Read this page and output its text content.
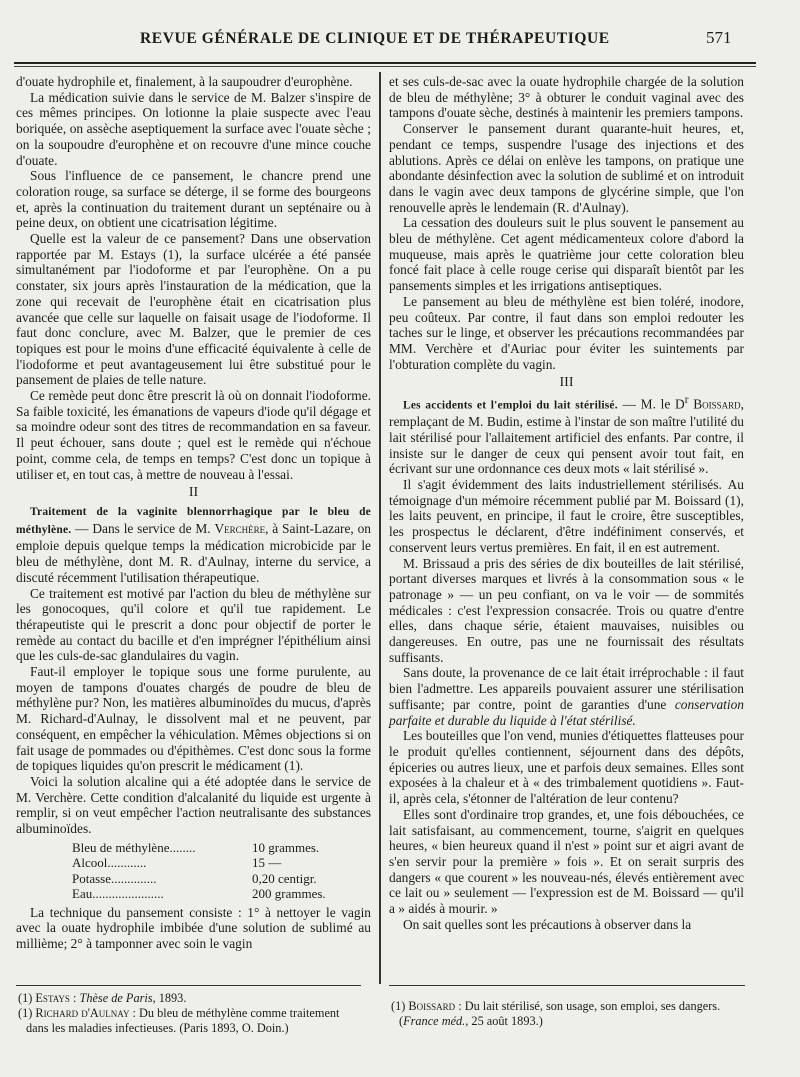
REVUE GÉNÉRALE DE CLINIQUE ET DE THÉRAPEUTIQUE	571

d'ouate hydrophile et, finalement, à la saupoudrer d'europhène.

La médication suivie dans le service de M. Balzer s'inspire de ces mêmes principes. On lotionne la plaie suspecte avec l'eau boriquée, on assèche aseptiquement la surface avec l'ouate sèche ; on la soupoudre d'europhène et on recouvre d'une mince couche d'ouate.

Sous l'influence de ce pansement, le chancre prend une coloration rouge, sa surface se déterge, il se forme des bourgeons et, après la continuation du traitement durant un septénaire ou à peine deux, on obtient une cicatrisation légitime.

Quelle est la valeur de ce pansement? Dans une observation rapportée par M. Estays (1), la surface ulcérée a été pansée simultanément par l'iodoforme et par l'europhène. On a pu constater, six jours après l'instauration de la médication, que la zone qui recevait de l'europhène était en cicatrisation plus avancée que celle sur laquelle on faisait usage de l'iodoforme. Il faut donc conclure, avec M. Balzer, que le premier de ces topiques est pour le moins d'une efficacité équivalente à celle de l'iodoforme et peut avantageusement lui être substitué pour le pansement de plaies de telle nature.

Ce remède peut donc être prescrit là où on donnait l'iodoforme. Sa faible toxicité, les émanations de vapeurs d'iode qu'il dégage et sa moindre odeur sont des titres de recommandation en sa faveur. Il peut échouer, sans doute ; quel est le remède qui n'échoue point, comme cela, de temps en temps? C'est donc un topique à utiliser et, en tout cas, à mettre de nouveau à l'essai.

II

Traitement de la vaginite blennorrhagique par le bleu de méthylène. — Dans le service de M. Verchère, à Saint-Lazare, on emploie depuis quelque temps la médication microbicide par le bleu de méthylène, dont M. R. d'Aulnay, interne du service, a discuté récemment l'utilisation thérapeutique.

Ce traitement est motivé par l'action du bleu de méthylène sur les gonocoques, qu'il colore et qu'il tue rapidement. Le thérapeutiste qui le prescrit a donc pour objectif de porter le remède au contact du bacille et d'en imprégner l'épithélium ainsi que les culs-de-sac glandulaires du vagin.

Faut-il employer le topique sous une forme purulente, au moyen de tampons d'ouates chargés de poudre de bleu de méthylène pur? Non, les matières albuminoïdes du mucus, d'après M. Richard-d'Aulnay, le dissolvent mal et ne peuvent, par conséquent, en empêcher la véhiculation. Mêmes objections si on fait usage de pommades ou d'épithèmes. C'est donc sous la forme de topiques liquides qu'on prescrit le médicament (1).

Voici la solution alcaline qui a été adoptée dans le service de M. Verchère. Cette condition d'alcalanité du liquide est urgente à remplir, si on veut empêcher l'action neutralisante des substances albuminoïdes.

Bleu de méthylène........	10 grammes.
Alcool............	15 —
Potasse..............	0,20 centigr.
Eau......................	200 grammes.

La technique du pansement consiste : 1° à nettoyer le vagin avec la ouate hydrophile imbibée d'une solution de sublimé au millième; 2° à tamponner avec soin le vagin

et ses culs-de-sac avec la ouate hydrophile chargée de la solution de bleu de méthylène; 3° à obturer le conduit vaginal avec des tampons d'ouate sèche, destinés à maintenir les premiers tampons.

Conserver le pansement durant quarante-huit heures, et, pendant ce temps, suspendre l'usage des injections et des ablutions. Après ce délai on enlève les tampons, on pratique une abondante désinfection avec la solution de sublimé et on introduit dans le vagin avec deux tampons de glycérine simple, que l'on renouvelle après le lendemain (R. d'Aulnay).

La cessation des douleurs suit le plus souvent le pansement au bleu de méthylène. Cet agent médicamenteux colore d'abord la muqueuse, mais après le quatrième jour cette coloration bleu foncé fait place à celle rouge cerise qui disparaît bientôt par les pansements simples et les irrigations antiseptiques.

Le pansement au bleu de méthylène est bien toléré, inodore, peu coûteux. Par contre, il faut dans son emploi redouter les taches sur le linge, et observer les précautions recommandées par MM. Verchère et d'Auriac pour éviter les suintements par l'obturation complète du vagin.

III

Les accidents et l'emploi du lait stérilisé. — M. le $D^r$ Boissard, remplaçant de M. Budin, estime à l'instar de son maître l'utilité du lait stérilisé pour l'allaitement artificiel des enfants. Par contre, il insiste sur le danger de ceux qui pensent avoir tout fait, en écrivant sur une ordonnance ces deux mots « lait stérilisé ».

Il s'agit évidemment des laits industriellement stérilisés. Au témoignage d'un mémoire récemment publié par M. Boissard (1), les laits peuvent, en principe, il faut le croire, être susceptibles, les prospectus le déclarent, d'être indéfiniment conservés, et conservent leurs vertus premières. En fait, il en est autrement.

M. Brissaud a pris des séries de dix bouteilles de lait stérilisé, portant diverses marques et livrés à la consommation sous « le patronage » — un peu confiant, on va le voir — de sommités médicales : c'est l'expression consacrée. Trois ou quatre d'entre elles, dans chaque série, étaient mauvaises, nuisibles ou dangereuses. En outre, pas une ne fournissait des résultats suffisants.

Sans doute, la provenance de ce lait était irréprochable : il faut bien l'admettre. Les appareils pouvaient assurer une stérilisation suffisante; par contre, point de garanties d'une conservation parfaite et durable du liquide à l'état stérilisé.

Les bouteilles que l'on vend, munies d'étiquettes flatteuses pour le produit qu'elles contiennent, séjournent dans des dépôts, épiceries ou autres lieux, une et parfois deux semaines. Elles sont exposées à la chaleur et à « des trimbalement quotidiens ». Faut-il, après cela, s'étonner de l'altération de leur contenu?

Elles sont d'ordinaire trop grandes, et, une fois débouchées, ce lait satisfaisant, au commencement, tourne, s'aigrit en quelques heures, « bien heureux quand il n'est » point sur et aigri avant de s'en servir pour la première » fois ». Et on serait surpris des dangers « que courent » les nouveau-nés, élevés entièrement avec ce lait ou » seulement — l'expression est de M. Boissard — qu'il a » aidés à mourir. »

On sait quelles sont les précautions à observer dans la

(1) Estays : Thèse de Paris, 1893.
(1) Richard d'Aulnay : Du bleu de méthylène comme traitement dans les maladies infectieuses. (Paris 1893, O. Doin.)
(1) Boissard : Du lait stérilisé, son usage, son emploi, ses dangers. (France méd., 25 août 1893.)
